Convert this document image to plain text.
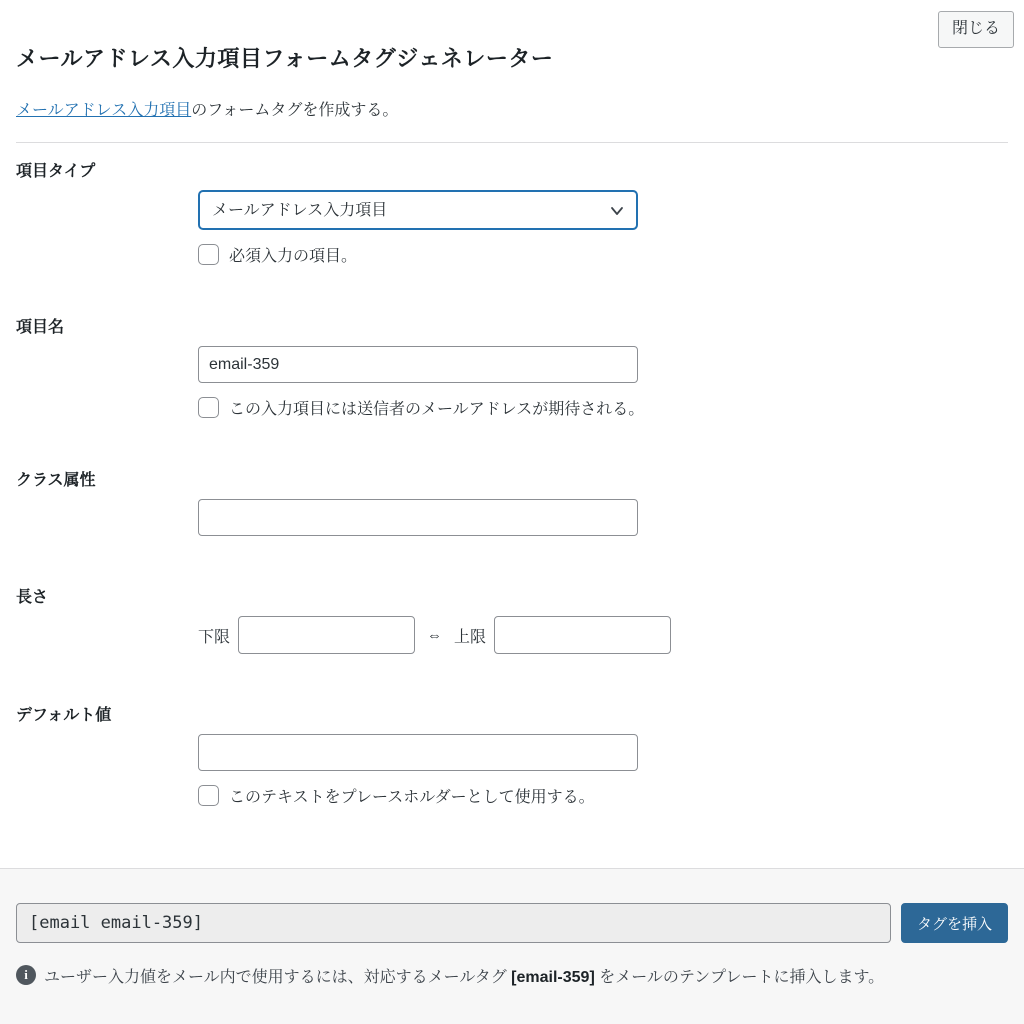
閉じる
メールアドレス入力項目フォームタグジェネレーター

メールアドレス入力項目のフォームタグを作成する。

項目タイプ
メールアドレス入力項目
必須入力の項目。
項目名
email-359
この入力項目には送信者のメールアドレスが期待される。
クラス属性
長さ
下限	⇔ 上限
デフォルト値
このテキストをプレースホルダーとして使用する。
[email email-359]
タグを挿入
i	ユーザー入力値をメール内で使用するには、対応するメールタグ [email-359] をメールのテンプレートに挿入します。
